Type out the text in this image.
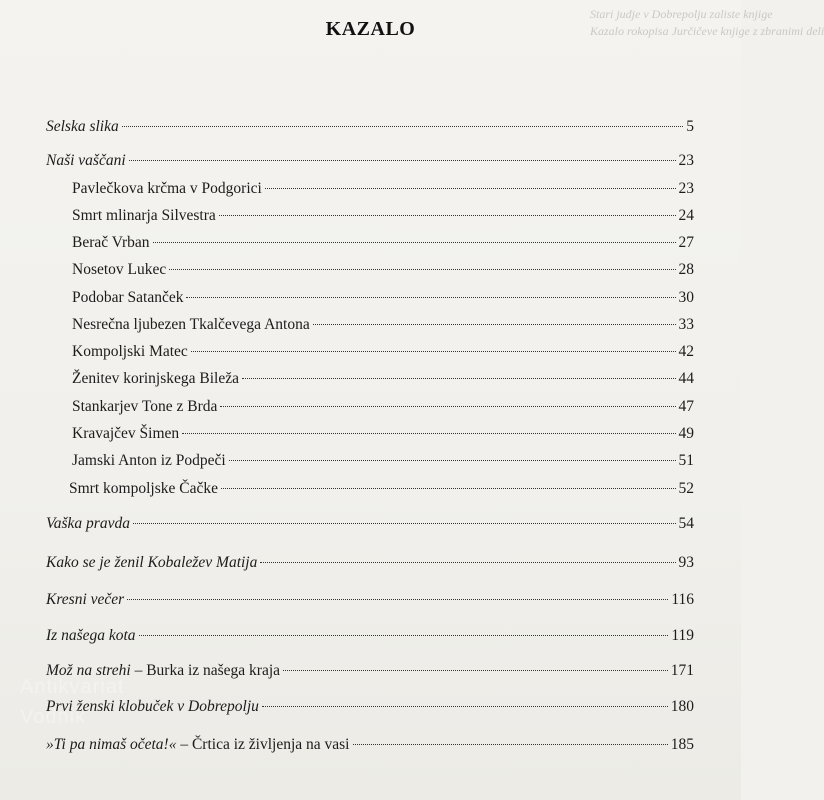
Stari judje v Dobrepolju zaliste knjige
Kazalo rokopisa Jurčičeve knjige z zbranimi deli
KAZALO
Selska slika	5
Naši vaščani	23
Pavlečkova krčma v Podgorici	23
Smrt mlinarja Silvestra	24
Berač Vrban	27
Nosetov Lukec	28
Podobar Satanček	30
Nesrečna ljubezen Tkalčevega Antona	33
Kompoljski Matec	42
Ženitev korinjskega Bileža	44
Stankarjev Tone z Brda	47
Kravajčev Šimen	49
Jamski Anton iz Podpeči	51
Smrt kompoljske Čačke	52
Vaška pravda	54
Kako se je ženil Kobaležev Matija	93
Kresni večer	116
Iz našega kota	119
Mož na strehi – Burka iz našega kraja	171
Prvi ženski klobuček v Dobrepolju	180
»Ti pa nimaš očeta!« – Črtica iz življenja na vasi	185
Antikvariat
Vodnik
